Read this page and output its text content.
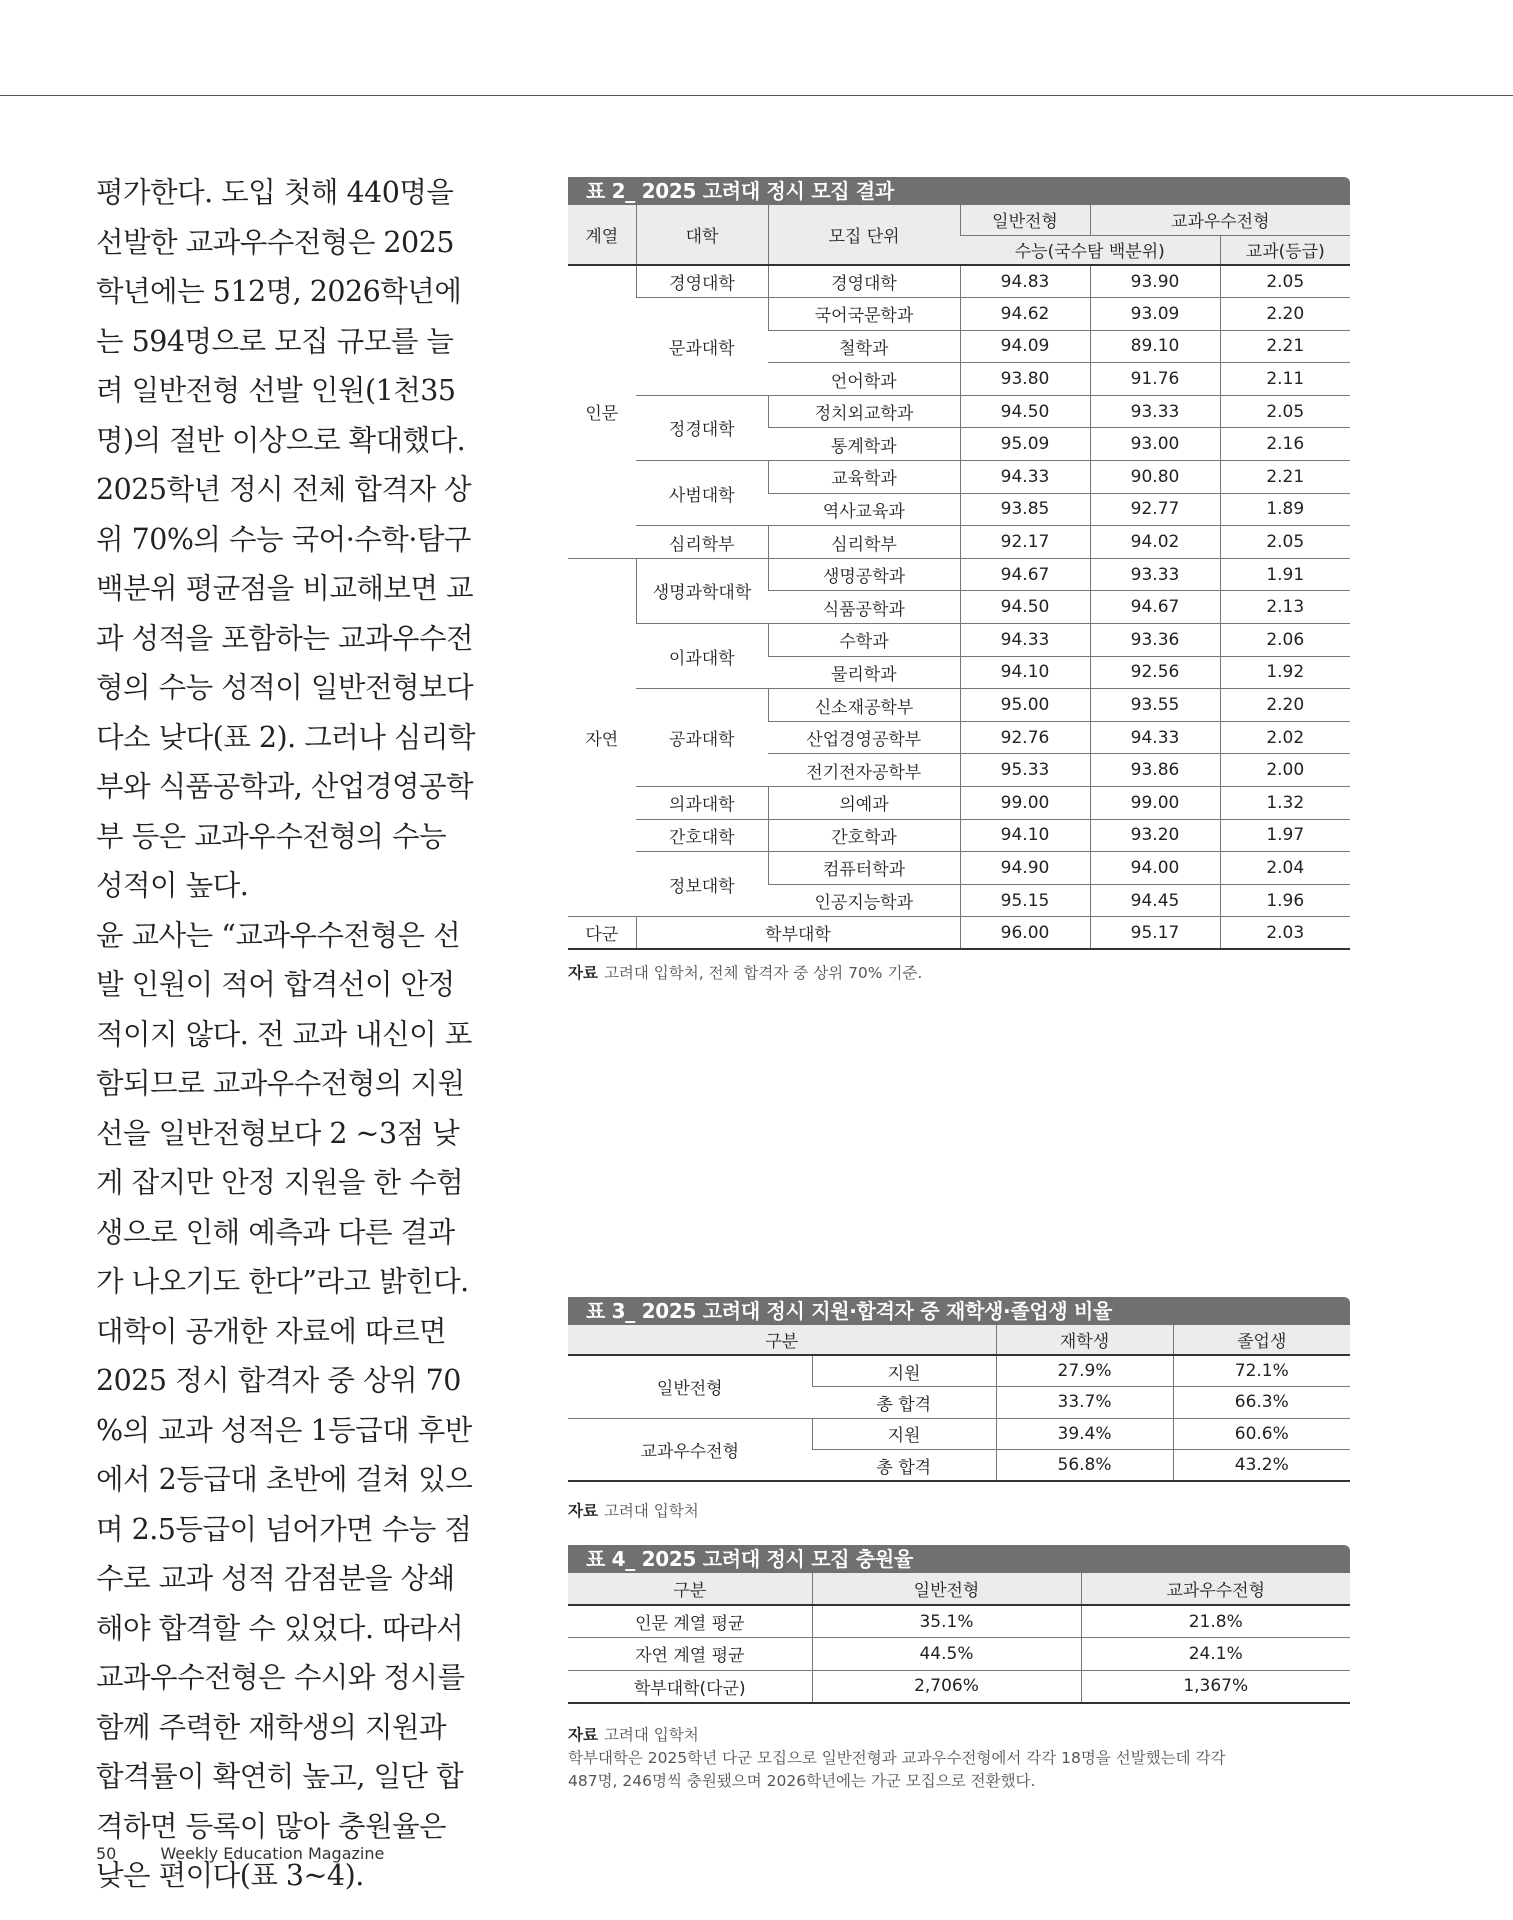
평가한다. 도입 첫해 440명을 선발한 교과우수전형은 2025학년에는 512명, 2026학년에는 594명으로 모집 규모를 늘려 일반전형 선발 인원(1천35명)의 절반 이상으로 확대했다.

2025학년 정시 전체 합격자 상위 70%의 수능 국어·수학·탐구 백분위 평균점을 비교해보면 교과 성적을 포함하는 교과우수전형의 수능 성적이 일반전형보다 다소 낮다(표 2). 그러나 심리학부와 식품공학과, 산업경영공학부 등은 교과우수전형의 수능 성적이 높다.

윤 교사는 “교과우수전형은 선발 인원이 적어 합격선이 안정적이지 않다. 전 교과 내신이 포함되므로 교과우수전형의 지원선을 일반전형보다 2 ~3점 낮게 잡지만 안정 지원을 한 수험생으로 인해 예측과 다른 결과가 나오기도 한다”라고 밝힌다.

대학이 공개한 자료에 따르면 2025 정시 합격자 중 상위 70 %의 교과 성적은 1등급대 후반에서 2등급대 초반에 걸쳐 있으며 2.5등급이 넘어가면 수능 점수로 교과 성적 감점분을 상쇄해야 합격할 수 있었다. 따라서 교과우수전형은 수시와 정시를 함께 주력한 재학생의 지원과 합격률이 확연히 높고, 일단 합격하면 등록이 많아 충원율은 낮은 편이다(표 3~4).

표 2_ 2025 고려대 정시 모집 결과
계열	대학	모집 단위	일반전형	교과우수전형	
			수능(국수탐 백분위)		교과(등급)
인문	경영대학	경영대학	94.83	93.90	2.05
	문과대학	국어국문학과	94.62	93.09	2.20
		철학과	94.09	89.10	2.21
		언어학과	93.80	91.76	2.11
	정경대학	정치외교학과	94.50	93.33	2.05
		통계학과	95.09	93.00	2.16
	사범대학	교육학과	94.33	90.80	2.21
		역사교육과	93.85	92.77	1.89
	심리학부	심리학부	92.17	94.02	2.05
자연	생명과학대학	생명공학과	94.67	93.33	1.91
		식품공학과	94.50	94.67	2.13
	이과대학	수학과	94.33	93.36	2.06
		물리학과	94.10	92.56	1.92
	공과대학	신소재공학부	95.00	93.55	2.20
		산업경영공학부	92.76	94.33	2.02
		전기전자공학부	95.33	93.86	2.00
	의과대학	의예과	99.00	99.00	1.32
	간호대학	간호학과	94.10	93.20	1.97
	정보대학	컴퓨터학과	94.90	94.00	2.04
		인공지능학과	95.15	94.45	1.96
다군	학부대학		96.00	95.17	2.03
자료 고려대 입학처, 전체 합격자 중 상위 70% 기준.
표 3_ 2025 고려대 정시 지원·합격자 중 재학생·졸업생 비율
구분		재학생	졸업생
일반전형	지원	27.9%	72.1%
	총 합격	33.7%	66.3%
교과우수전형	지원	39.4%	60.6%
	총 합격	56.8%	43.2%
자료 고려대 입학처
표 4_ 2025 고려대 정시 모집 충원율
구분	일반전형	교과우수전형
인문 계열 평균	35.1%	21.8%
자연 계열 평균	44.5%	24.1%
학부대학(다군)	2,706%	1,367%
자료 고려대 입학처
학부대학은 2025학년 다군 모집으로 일반전형과 교과우수전형에서 각각 18명을 선발했는데 각각
487명, 246명씩 충원됐으며 2026학년에는 가군 모집으로 전환했다.
50	Weekly Education Magazine
